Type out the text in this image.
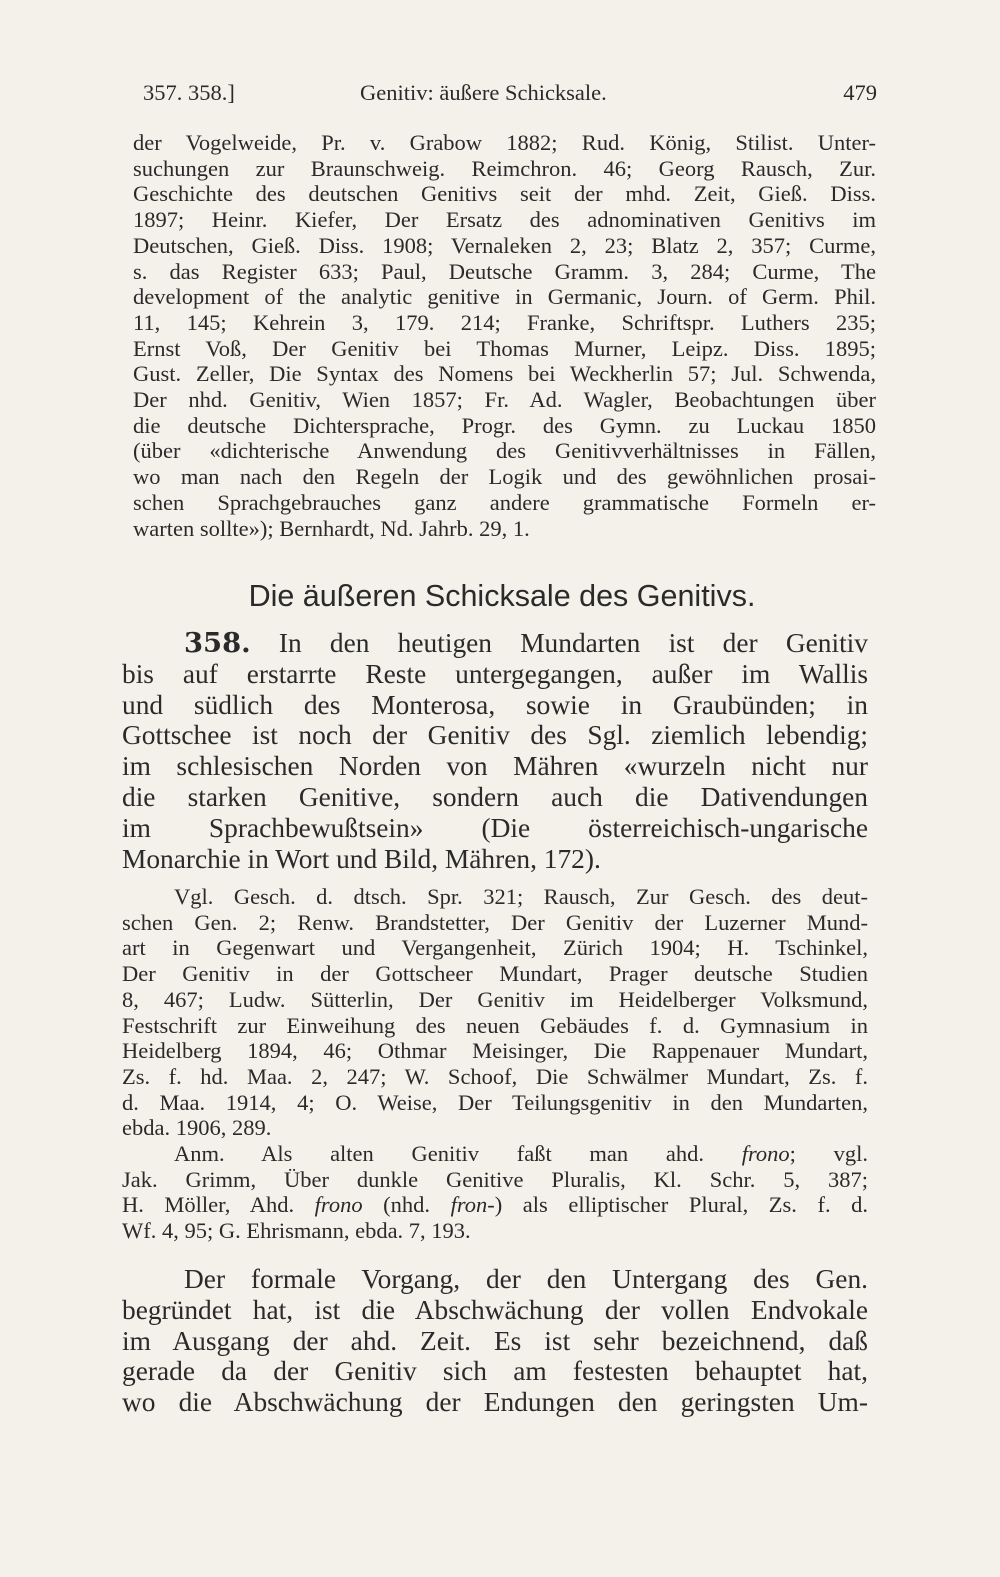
357. 358.]	Genitiv: äußere Schicksale.	479
der Vogelweide, Pr. v. Grabow 1882; Rud. König, Stilist. Unter-
suchungen zur Braunschweig. Reimchron. 46; Georg Rausch, Zur.
Geschichte des deutschen Genitivs seit der mhd. Zeit, Gieß. Diss.
1897; Heinr. Kiefer, Der Ersatz des adnominativen Genitivs im
Deutschen, Gieß. Diss. 1908; Vernaleken 2, 23; Blatz 2, 357; Curme,
s. das Register 633; Paul, Deutsche Gramm. 3, 284; Curme, The
development of the analytic genitive in Germanic, Journ. of Germ. Phil.
11, 145; Kehrein 3, 179. 214; Franke, Schriftspr. Luthers 235;
Ernst Voß, Der Genitiv bei Thomas Murner, Leipz. Diss. 1895;
Gust. Zeller, Die Syntax des Nomens bei Weckherlin 57; Jul. Schwenda,
Der nhd. Genitiv, Wien 1857; Fr. Ad. Wagler, Beobachtungen über
die deutsche Dichtersprache, Progr. des Gymn. zu Luckau 1850
(über «dichterische Anwendung des Genitivverhältnisses in Fällen,
wo man nach den Regeln der Logik und des gewöhnlichen prosai-
schen Sprachgebrauches ganz andere grammatische Formeln er-
warten sollte»); Bernhardt, Nd. Jahrb. 29, 1.
Die äußeren Schicksale des Genitivs.
358. In den heutigen Mundarten ist der Genitiv
bis auf erstarrte Reste untergegangen, außer im Wallis
und südlich des Monterosa, sowie in Graubünden; in
Gottschee ist noch der Genitiv des Sgl. ziemlich lebendig;
im schlesischen Norden von Mähren «wurzeln nicht nur
die starken Genitive, sondern auch die Dativendungen
im Sprachbewußtsein» (Die österreichisch-ungarische
Monarchie in Wort und Bild, Mähren, 172).
Vgl. Gesch. d. dtsch. Spr. 321; Rausch, Zur Gesch. des deut-
schen Gen. 2; Renw. Brandstetter, Der Genitiv der Luzerner Mund-
art in Gegenwart und Vergangenheit, Zürich 1904; H. Tschinkel,
Der Genitiv in der Gottscheer Mundart, Prager deutsche Studien
8, 467; Ludw. Sütterlin, Der Genitiv im Heidelberger Volksmund,
Festschrift zur Einweihung des neuen Gebäudes f. d. Gymnasium in
Heidelberg 1894, 46; Othmar Meisinger, Die Rappenauer Mundart,
Zs. f. hd. Maa. 2, 247; W. Schoof, Die Schwälmer Mundart, Zs. f.
d. Maa. 1914, 4; O. Weise, Der Teilungsgenitiv in den Mundarten,
ebda. 1906, 289.
Anm. Als alten Genitiv faßt man ahd. frono; vgl.
Jak. Grimm, Über dunkle Genitive Pluralis, Kl. Schr. 5, 387;
H. Möller, Ahd. frono (nhd. fron-) als elliptischer Plural, Zs. f. d.
Wf. 4, 95; G. Ehrismann, ebda. 7, 193.
Der formale Vorgang, der den Untergang des Gen.
begründet hat, ist die Abschwächung der vollen Endvokale
im Ausgang der ahd. Zeit. Es ist sehr bezeichnend, daß
gerade da der Genitiv sich am festesten behauptet hat,
wo die Abschwächung der Endungen den geringsten Um-
